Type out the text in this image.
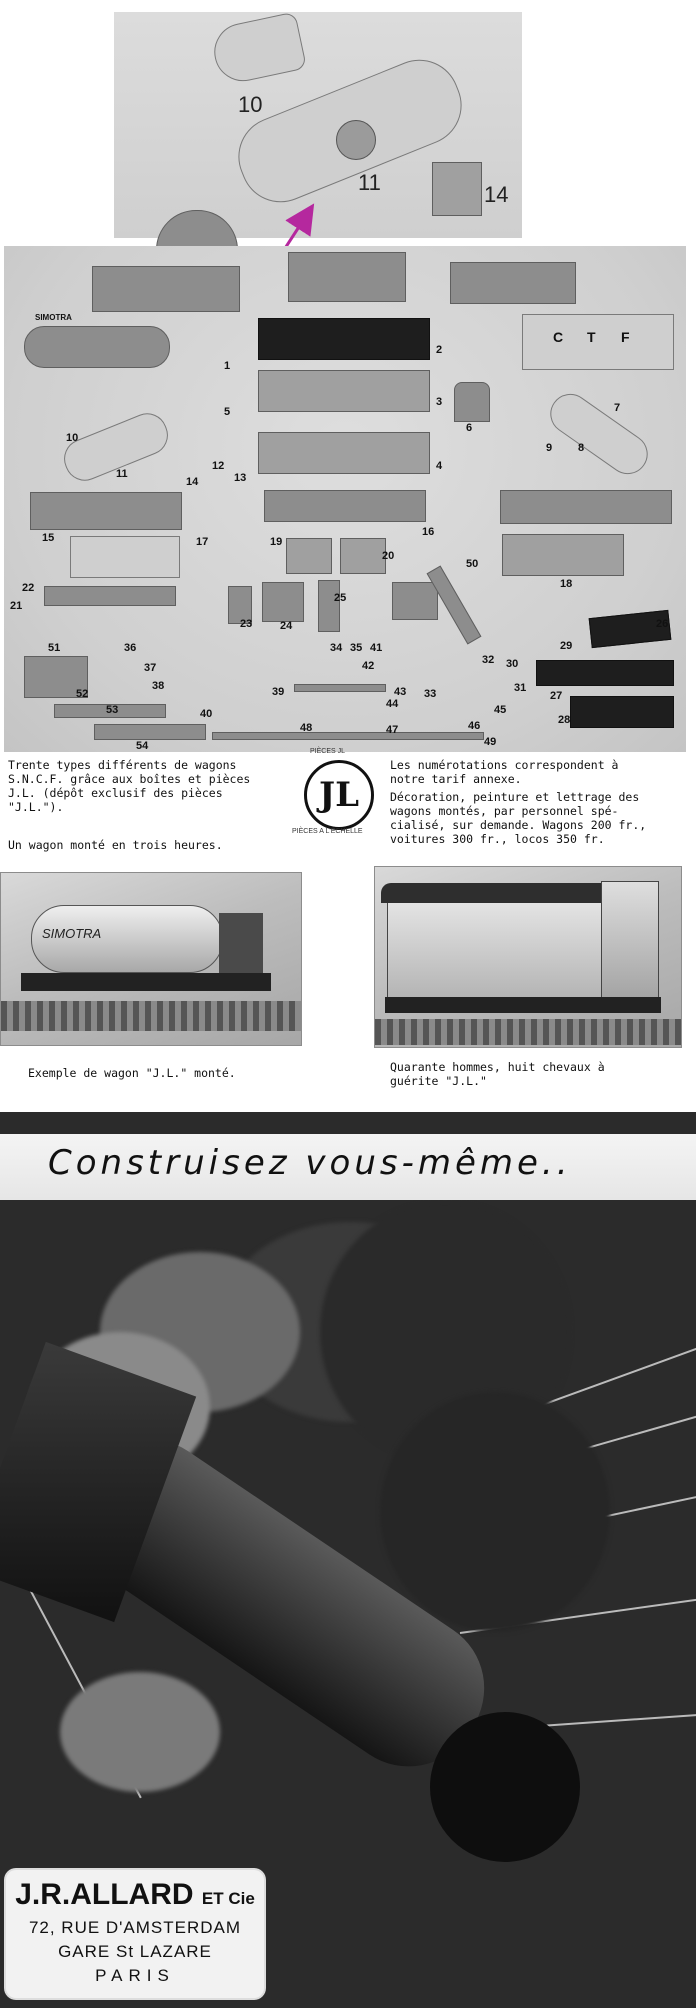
10
11	14
C T F
SIMOTRA
1
2
3
4
5
6
7
8
9
10
11
12
13
14
15	16
17
18
19
20
21
22
23	24
25
26
27
28
29
30
31
32
33
34 35
36
37
38	39
40
41
42
43
44	45
46
47
48
49
50
51
52
53
54
Trente types différents de wagons
S.N.C.F. grâce aux boîtes et pièces
J.L. (dépôt exclusif des pièces
"J.L.").
Un wagon monté en trois heures.
JL
PIÈCES JL
PIÈCES A L'ÉCHELLE
Les numérotations correspondent à
notre tarif annexe.
Décoration, peinture et lettrage des
wagons montés, par personnel spé-
cialisé, sur demande. Wagons 200 fr.,
voitures 300 fr., locos 350 fr.
SIMOTRA
Exemple de wagon "J.L." monté.	Quarante hommes, huit chevaux à
guérite "J.L."
Construisez vous-même..
J.R.ALLARD ET Cie
72, RUE D'AMSTERDAM
GARE St LAZARE
PARIS
